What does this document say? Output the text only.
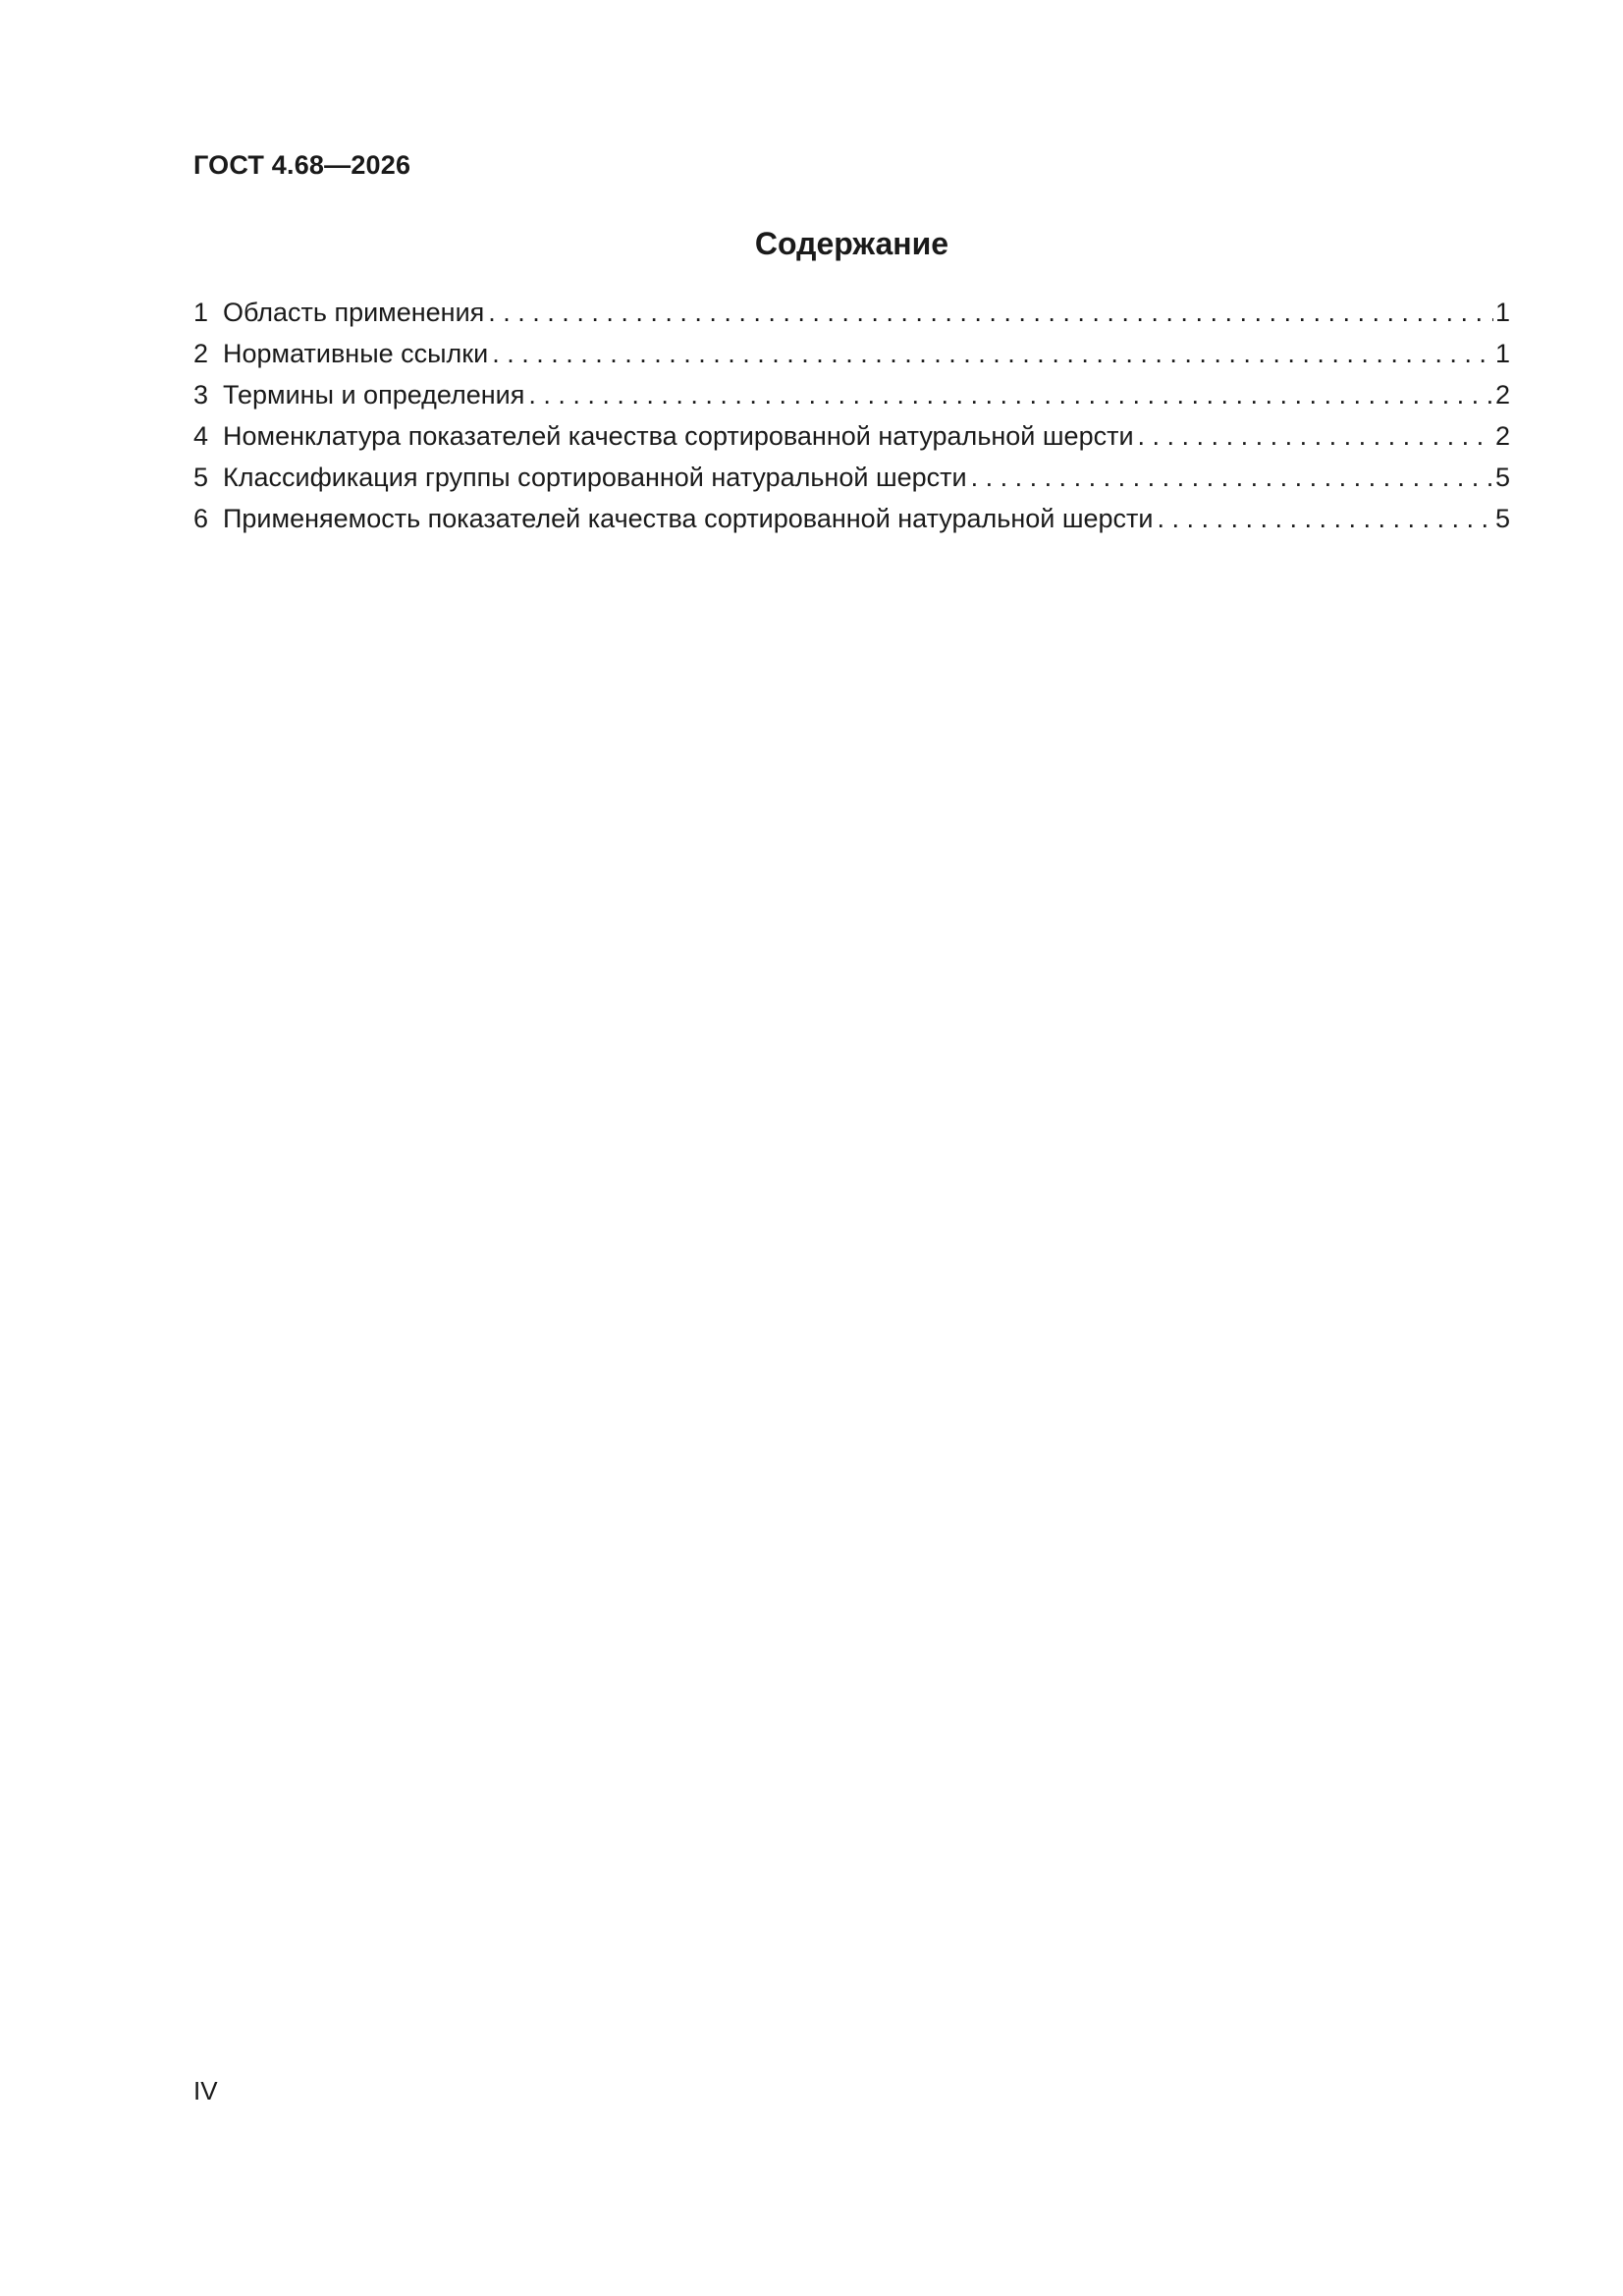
ГОСТ 4.68—2026
Содержание
1 Область применения . . .	1
2 Нормативные ссылки . . .	1
3 Термины и определения . . .	2
4 Номенклатура показателей качества сортированной натуральной шерсти . . .	2
5 Классификация группы сортированной натуральной шерсти . . .	5
6 Применяемость показателей качества сортированной натуральной шерсти . . .	5
IV
